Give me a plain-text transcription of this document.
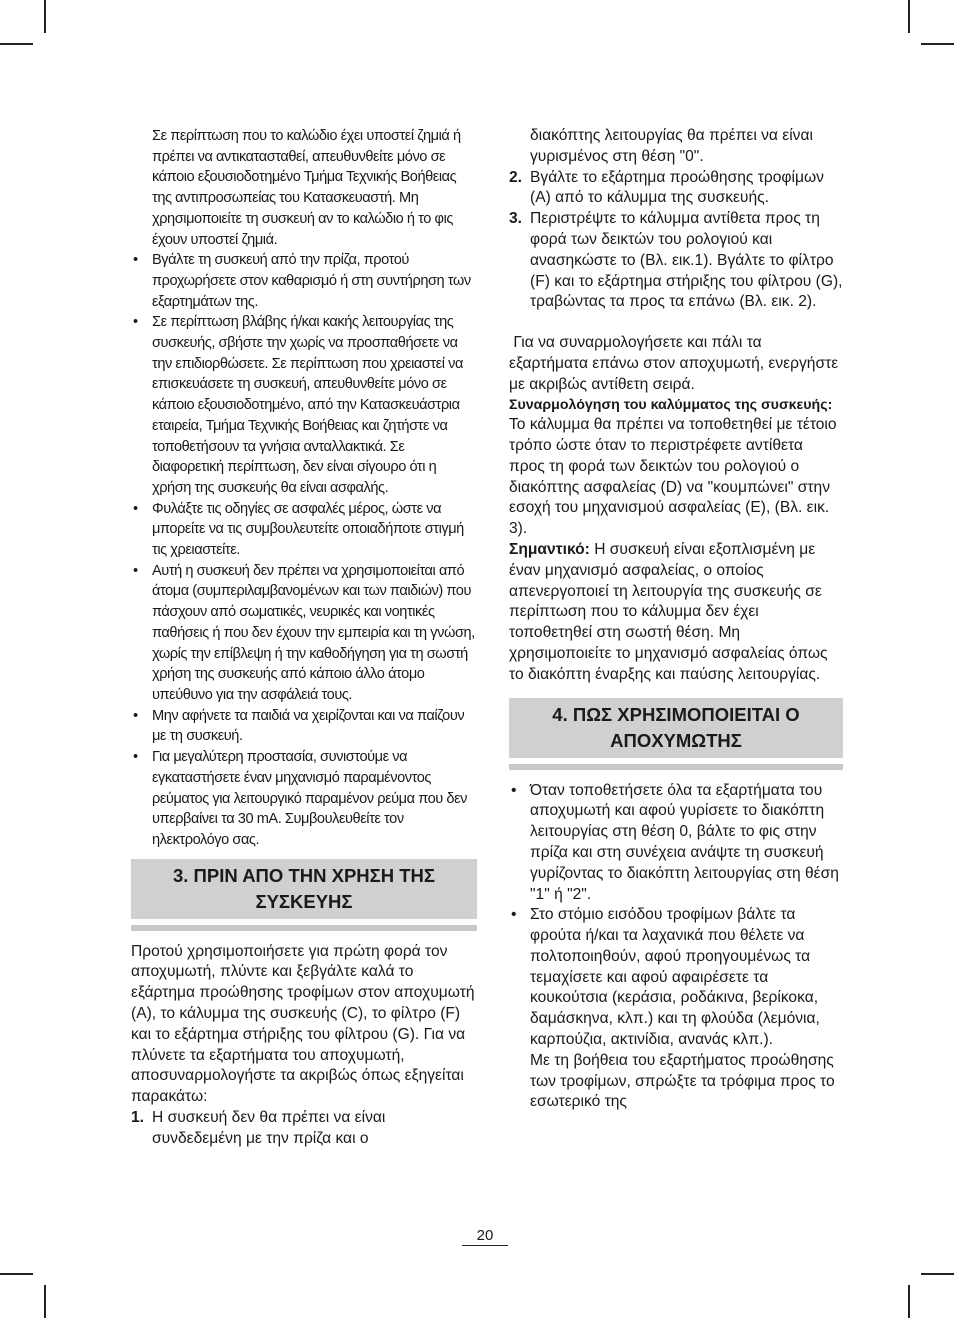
Σε περίπτωση που το καλώδιο έχει υποστεί ζημιά ή πρέπει να αντικατασταθεί, απευθυνθείτε μόνο σε κάποιο εξουσιοδοτημένο Τμήμα Τεχνικής Βοήθειας της αντιπροσωπείας του Κατασκευαστή. Μη χρησιμοποιείτε τη συσκευή αν το καλώδιο ή το φις έχουν υποστεί ζημιά.

• Βγάλτε τη συσκευή από την πρίζα, προτού προχωρήσετε στον καθαρισμό ή στη συντήρηση των εξαρτημάτων της.

• Σε περίπτωση βλάβης ή/και κακής λειτουργίας της συσκευής, σβήστε την χωρίς να προσπαθήσετε να την επιδιορθώσετε. Σε περίπτωση που χρειαστεί να επισκευάσετε τη συσκευή, απευθυνθείτε μόνο σε κάποιο εξουσιοδοτημένο, από την Κατασκευάστρια εταιρεία, Τμήμα Τεχνικής Βοήθειας και ζητήστε να τοποθετήσουν τα γνήσια ανταλλακτικά. Σε διαφορετική περίπτωση, δεν είναι σίγουρο ότι η χρήση της συσκευής θα είναι ασφαλής.

• Φυλάξτε τις οδηγίες σε ασφαλές μέρος, ώστε να μπορείτε να τις συμβουλευτείτε οποιαδήποτε στιγμή τις χρειαστείτε.

• Αυτή η συσκευή δεν πρέπει να χρησιμοποιείται από άτομα (συμπεριλαμβανομένων και των παιδιών) που πάσχουν από σωματικές, νευρικές και νοητικές παθήσεις ή που δεν έχουν την εμπειρία και τη γνώση, χωρίς την επίβλεψη ή την καθοδήγηση για τη σωστή χρήση της συσκευής από κάποιο άλλο άτομο υπεύθυνο για την ασφάλειά τους.

• Μην αφήνετε τα παιδιά να χειρίζονται και να παίζουν με τη συσκευή.

• Για μεγαλύτερη προστασία, συνιστούμε να εγκαταστήσετε έναν μηχανισμό παραμένοντος ρεύματος για λειτουργικό παραμένον ρεύμα που δεν υπερβαίνει τα 30 mA. Συμβουλευθείτε τον ηλεκτρολόγο σας.

3. ΠΡΙΝ ΑΠΟ ΤΗΝ ΧΡΗΣΗ ΤΗΣ ΣΥΣΚΕΥΗΣ

Προτού χρησιμοποιήσετε για πρώτη φορά τον αποχυμωτή, πλύντε και ξεβγάλτε καλά το εξάρτημα προώθησης τροφίμων στον αποχυμωτή (A), το κάλυμμα της συσκευής (C), το φίλτρο (F) και το εξάρτημα στήριξης του φίλτρου (G). Για να πλύνετε τα εξαρτήματα του αποχυμωτή, αποσυναρμολογήστε τα ακριβώς όπως εξηγείται παρακάτω:

1. Η συσκευή δεν θα πρέπει να είναι συνδεδεμένη με την πρίζα και ο

διακόπτης λειτουργίας θα πρέπει να είναι γυρισμένος στη θέση "0".

2. Βγάλτε το εξάρτημα προώθησης τροφίμων (A) από το κάλυμμα της συσκευής.

3. Περιστρέψτε το κάλυμμα αντίθετα προς τη φορά των δεικτών του ρολογιού και ανασηκώστε το (Βλ. εικ.1). Βγάλτε το φίλτρο (F) και το εξάρτημα στήριξης του φίλτρου (G), τραβώντας τα προς τα επάνω (Βλ. εικ. 2).

Για να συναρμολογήσετε και πάλι τα εξαρτήματα επάνω στον αποχυμωτή, ενεργήστε με ακριβώς αντίθετη σειρά.

Συναρμολόγηση του καλύμματος της συσκευής:

Το κάλυμμα θα πρέπει να τοποθετηθεί με τέτοιο τρόπο ώστε όταν το περιστρέφετε αντίθετα προς τη φορά των δεικτών του ρολογιού ο διακόπτης ασφαλείας (D) να "κουμπώνει" στην εσοχή του μηχανισμού ασφαλείας (E), (Βλ. εικ. 3).

Σημαντικό: Η συσκευή είναι εξοπλισμένη με έναν μηχανισμό ασφαλείας, ο οποίος απενεργοποιεί τη λειτουργία της συσκευής σε περίπτωση που το κάλυμμα δεν έχει τοποθετηθεί στη σωστή θέση. Μη χρησιμοποιείτε το μηχανισμό ασφαλείας όπως το διακόπτη έναρξης και παύσης λειτουργίας.

4. ΠΩΣ ΧΡΗΣΙΜΟΠΟΙΕΙΤΑΙ Ο ΑΠΟΧΥΜΩΤΗΣ
• Όταν τοποθετήσετε όλα τα εξαρτήματα του αποχυμωτή και αφού γυρίσετε το διακόπτη λειτουργίας στη θέση 0, βάλτε το φις στην πρίζα και στη συνέχεια ανάψτε τη συσκευή γυρίζοντας το διακόπτη λειτουργίας στη θέση "1" ή "2".

• Στο στόμιο εισόδου τροφίμων βάλτε τα φρούτα ή/και τα λαχανικά που θέλετε να πολτοποιηθούν, αφού προηγουμένως τα τεμαχίσετε και αφού αφαιρέσετε τα κουκούτσια (κεράσια, ροδάκινα, βερίκοκα, δαμάσκηνα, κλπ.) και τη φλούδα (λεμόνια, καρπούζια, ακτινίδια, ανανάς κλπ.).

Με τη βοήθεια του εξαρτήματος προώθησης των τροφίμων, σπρώξτε τα τρόφιμα προς το εσωτερικό της

20
